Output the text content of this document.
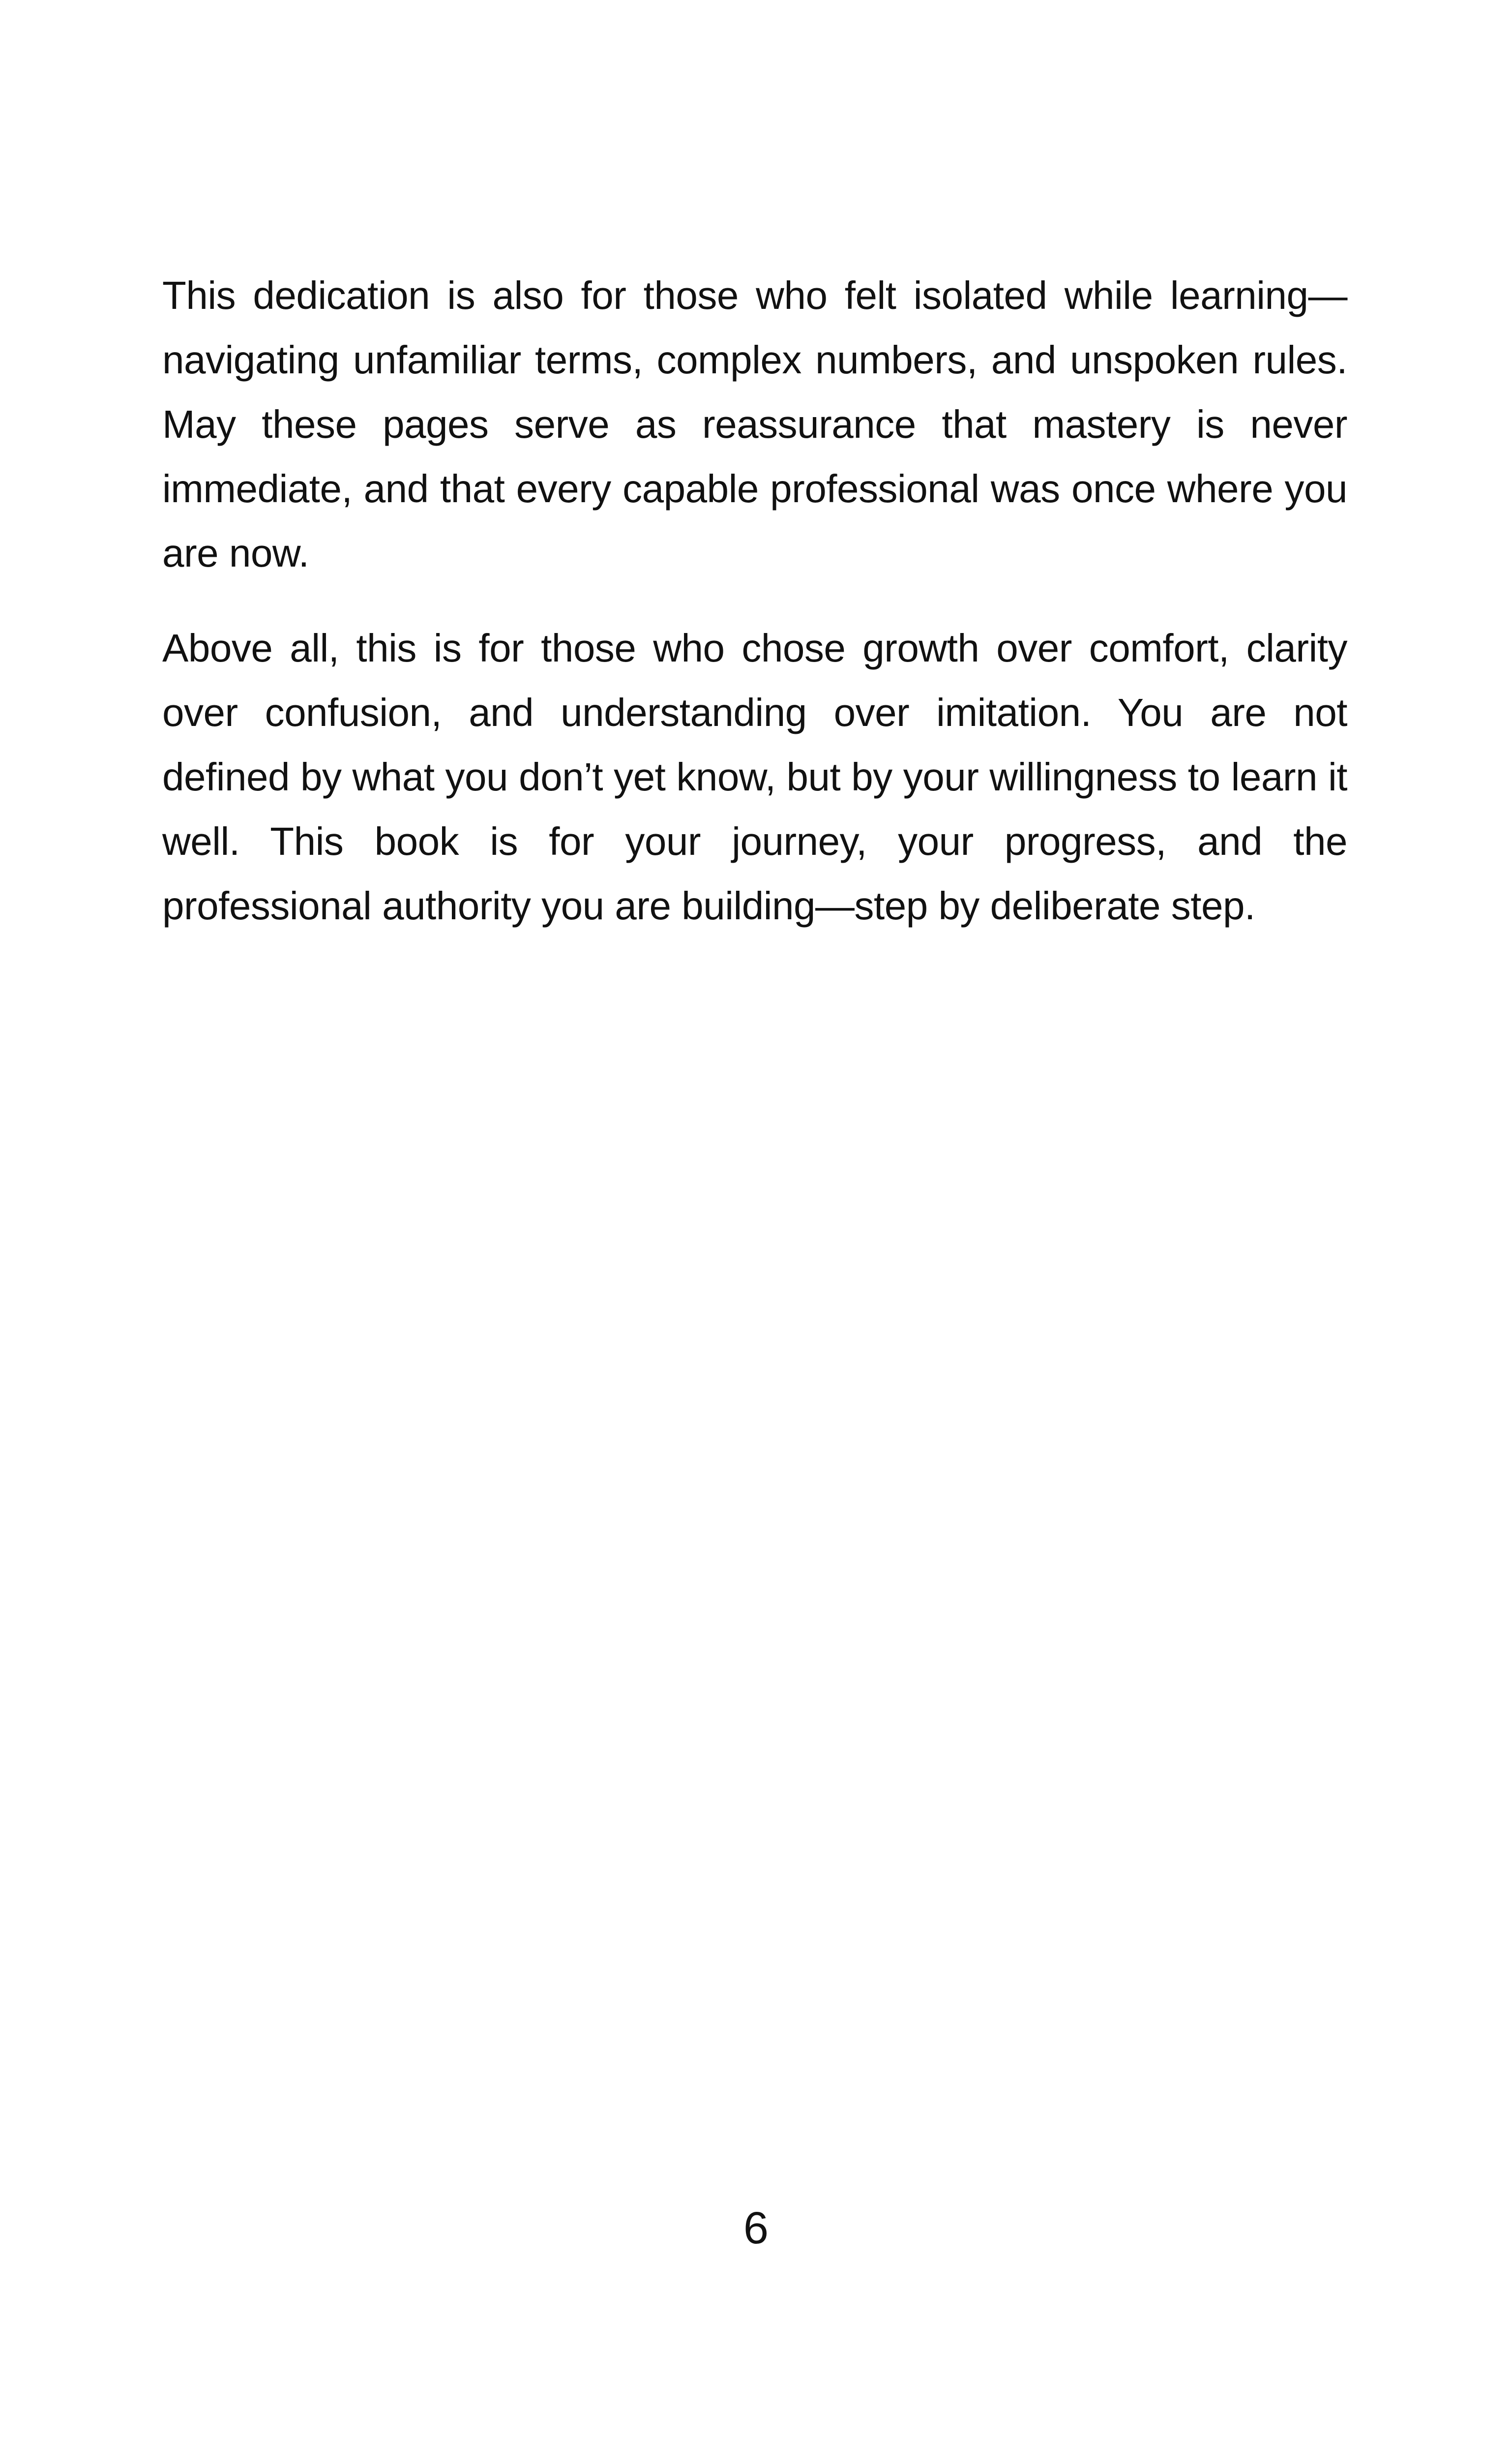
This dedication is also for those who felt isolated while learning—navigating unfamiliar terms, complex numbers, and unspoken rules. May these pages serve as reassurance that mastery is never immediate, and that every capable professional was once where you are now.

Above all, this is for those who chose growth over comfort, clarity over confusion, and understanding over imitation. You are not defined by what you don’t yet know, but by your willingness to learn it well. This book is for your journey, your progress, and the professional authority you are building—step by deliberate step.

6
